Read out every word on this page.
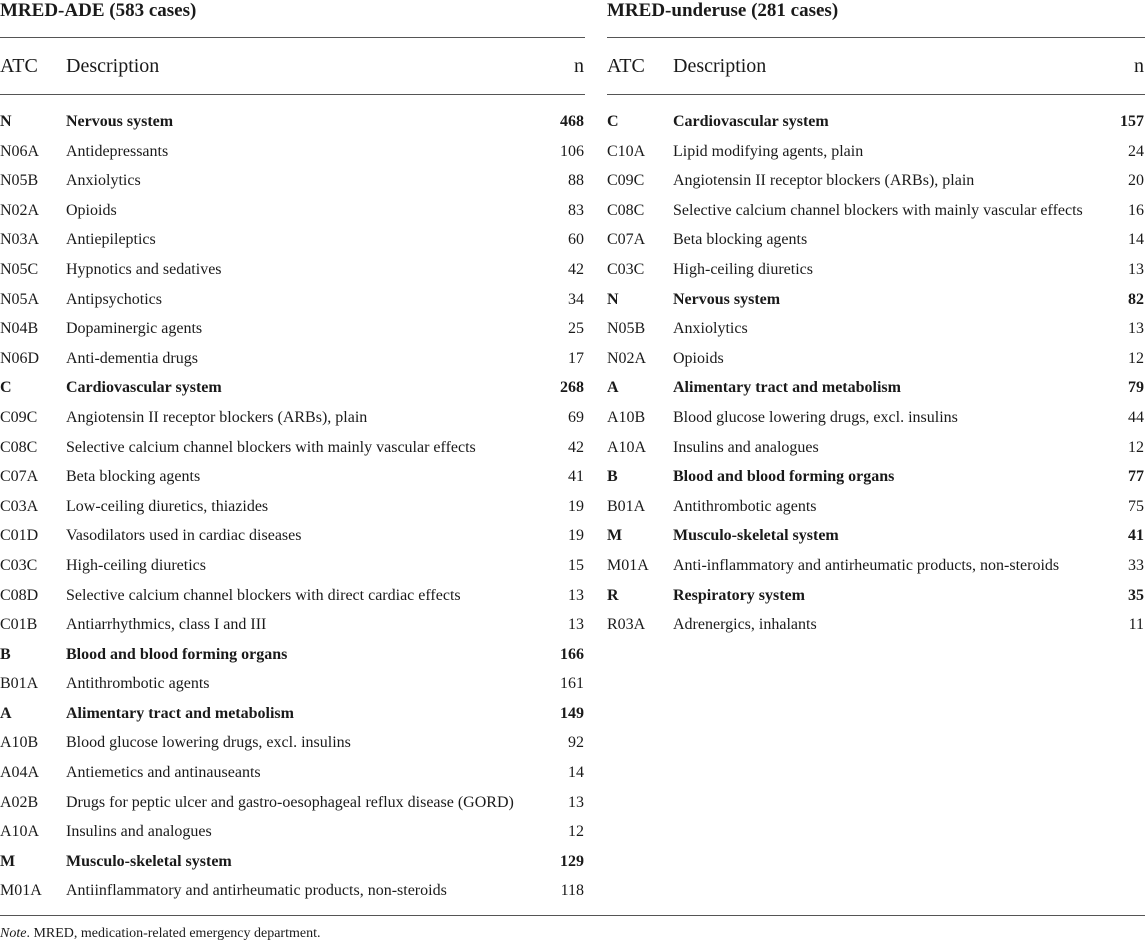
MRED-ADE (583 cases)
ATC Description	n
N	Nervous system	468
N06A Antidepressants	106
N05B Anxiolytics	88
N02A Opioids	83
N03A Antiepileptics	60
N05C Hypnotics and sedatives	42
N05A Antipsychotics	34
N04B Dopaminergic agents	25
N06D Anti-dementia drugs	17
C	Cardiovascular system	268
C09C Angiotensin II receptor blockers (ARBs), plain	69
C08C Selective calcium channel blockers with mainly vascular effects	42
C07A Beta blocking agents	41
C03A Low-ceiling diuretics, thiazides	19
C01D Vasodilators used in cardiac diseases	19
C03C High-ceiling diuretics	15
C08D Selective calcium channel blockers with direct cardiac effects	13
C01B Antiarrhythmics, class I and III	13
B	Blood and blood forming organs	166
B01A Antithrombotic agents	161
A	Alimentary tract and metabolism	149
A10B Blood glucose lowering drugs, excl. insulins	92
A04A Antiemetics and antinauseants	14
A02B Drugs for peptic ulcer and gastro-oesophageal reflux disease (GORD)	13
A10A Insulins and analogues	12
M	Musculo-skeletal system	129
M01A Antiinflammatory and antirheumatic products, non-steroids	118
MRED-underuse (281 cases)
ATC Description	n
C	Cardiovascular system	157
C10A Lipid modifying agents, plain	24
C09C Angiotensin II receptor blockers (ARBs), plain	20
C08C Selective calcium channel blockers with mainly vascular effects	16
C07A Beta blocking agents	14
C03C High-ceiling diuretics	13
N	Nervous system	82
N05B Anxiolytics	13
N02A Opioids	12
A	Alimentary tract and metabolism	79
A10B Blood glucose lowering drugs, excl. insulins	44
A10A Insulins and analogues	12
B	Blood and blood forming organs	77
B01A Antithrombotic agents	75
M	Musculo-skeletal system	41
M01A Anti-inflammatory and antirheumatic products, non-steroids	33
R	Respiratory system	35
R03A Adrenergics, inhalants	11
Note. MRED, medication-related emergency department.
